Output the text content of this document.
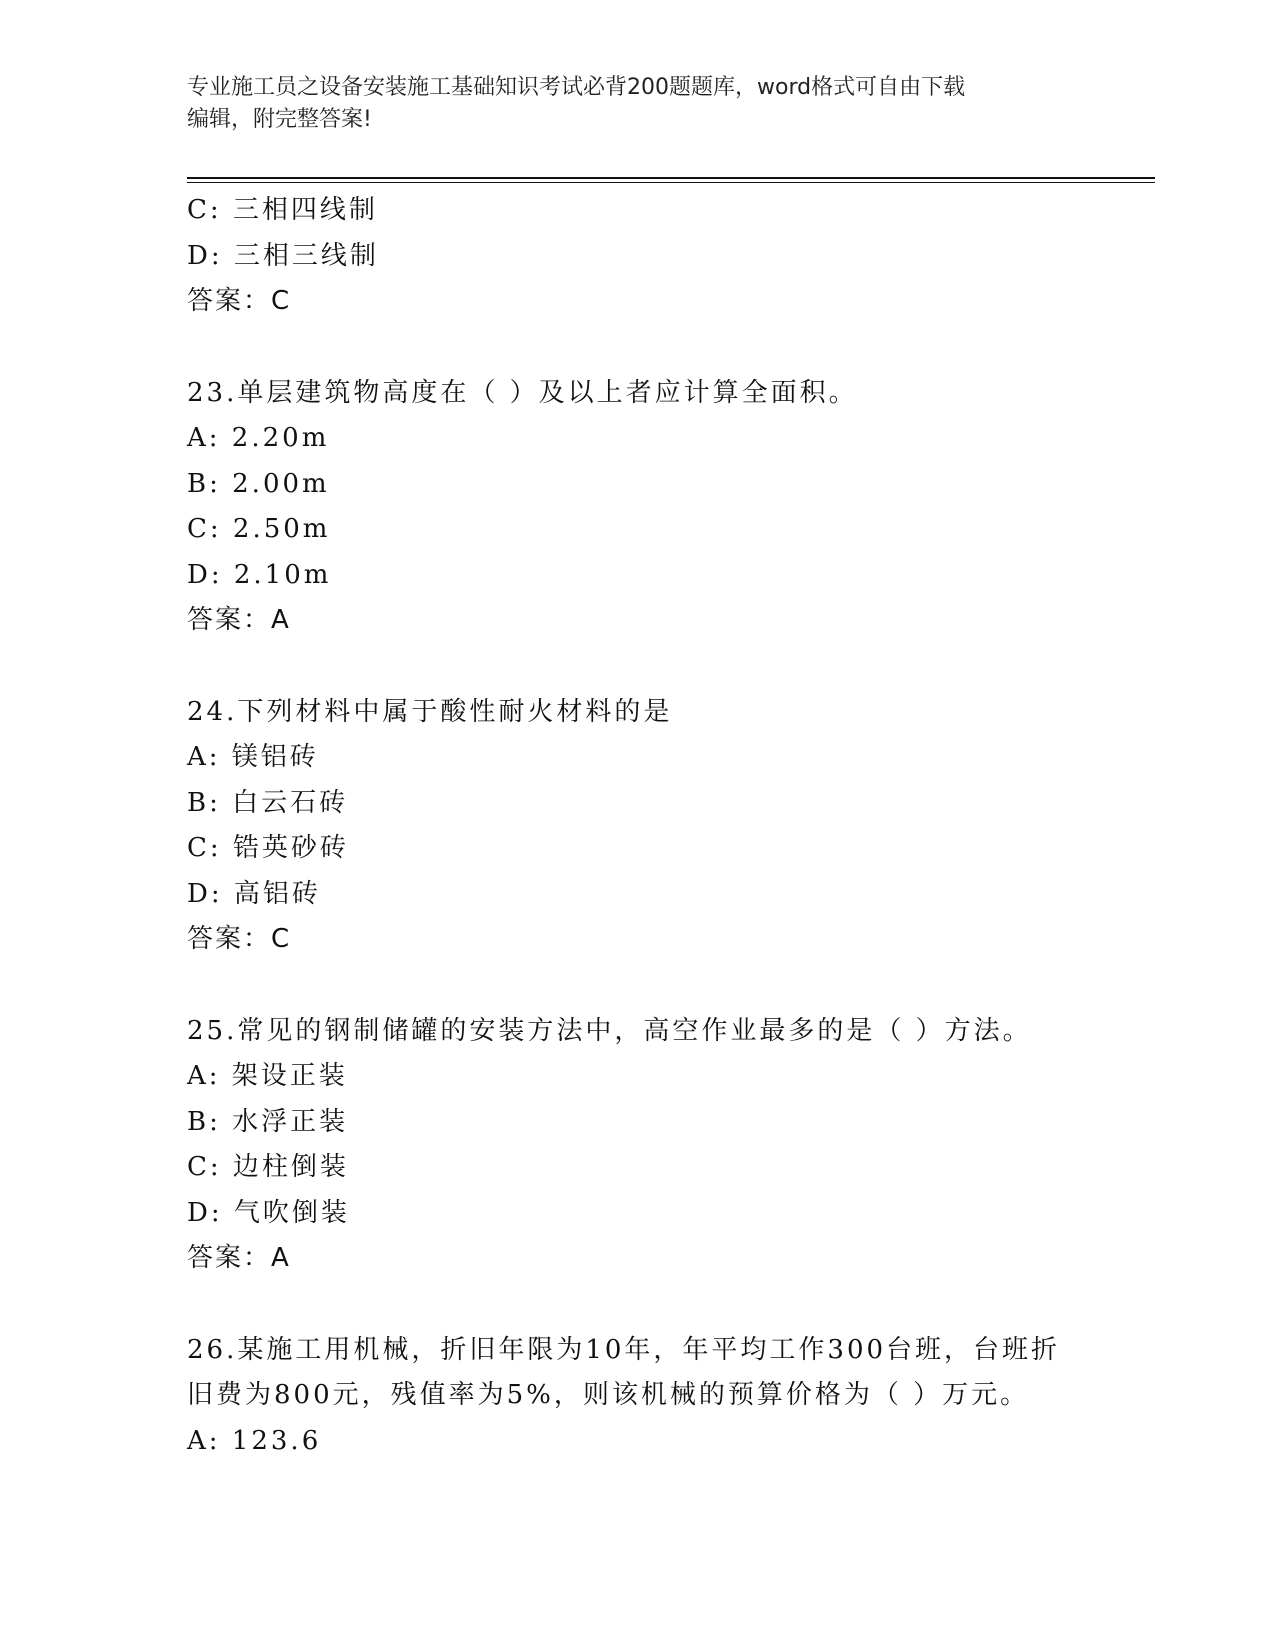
专业施工员之设备安装施工基础知识考试必背200题题库，word格式可自由下载
编辑，附完整答案!
C: 三相四线制
D: 三相三线制
答案：C
23.单层建筑物高度在（ ）及以上者应计算全面积。
A: 2.20m
B: 2.00m
C: 2.50m
D: 2.10m
答案：A
24.下列材料中属于酸性耐火材料的是
A: 镁铝砖
B: 白云石砖
C: 锆英砂砖
D: 高铝砖
答案：C
25.常见的钢制储罐的安装方法中，高空作业最多的是（ ）方法。
A: 架设正装
B: 水浮正装
C: 边柱倒装
D: 气吹倒装
答案：A
26.某施工用机械，折旧年限为10年，年平均工作300台班，台班折
旧费为800元，残值率为5%，则该机械的预算价格为（ ）万元。
A: 123.6
